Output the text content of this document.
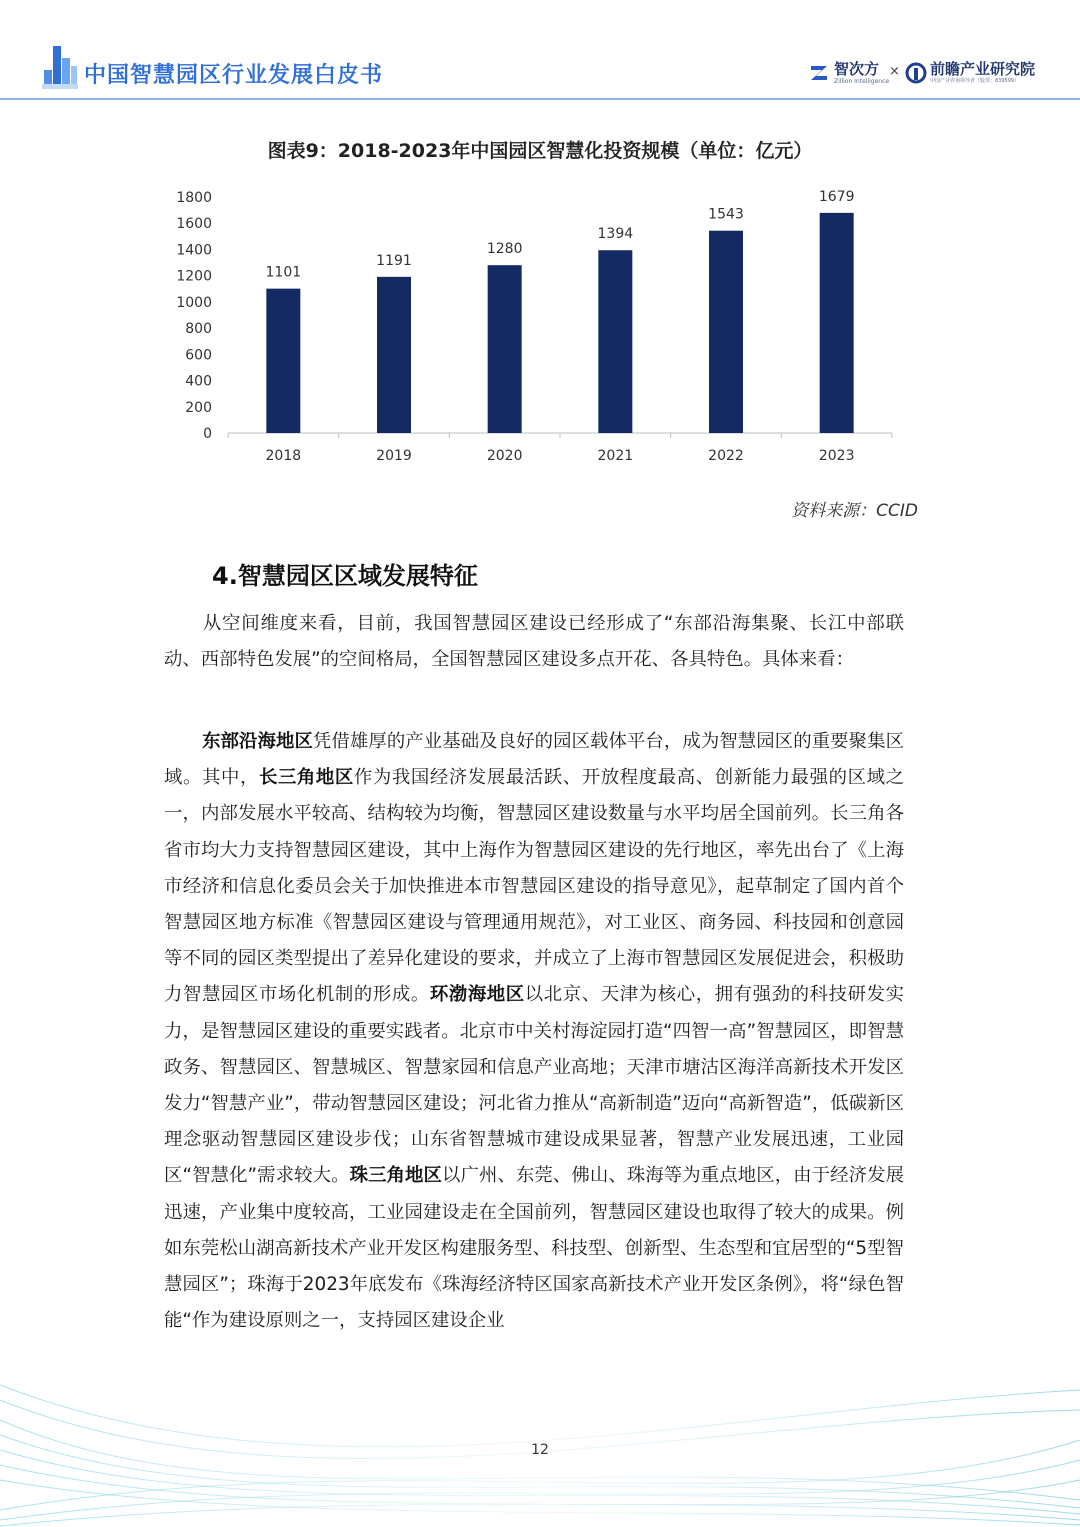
中国智慧园区行业发展白皮书	智次方
Zillion Intelligence
× 前瞻产业研究院
中国产业咨询领导者（股票：839599）
图表9：2018-2023年中国园区智慧化投资规模（单位：亿元）
0
200
400
600
800
1000
1200
1400
1600
1800
1101
2018
1191
2019
1280
2020
1394
2021
1543
2022
1679
2023
资料来源：CCID
4.智慧园区区域发展特征
从空间维度来看，目前，我国智慧园区建设已经形成了“东部沿海集聚、长江中部联动、西部特色发展”的空间格局，全国智慧园区建设多点开花、各具特色。具体来看：
东部沿海地区凭借雄厚的产业基础及良好的园区载体平台，成为智慧园区的重要聚集区域。其中，长三角地区作为我国经济发展最活跃、开放程度最高、创新能力最强的区域之一，内部发展水平较高、结构较为均衡，智慧园区建设数量与水平均居全国前列。长三角各省市均大力支持智慧园区建设，其中上海作为智慧园区建设的先行地区，率先出台了《上海市经济和信息化委员会关于加快推进本市智慧园区建设的指导意见》，起草制定了国内首个智慧园区地方标准《智慧园区建设与管理通用规范》，对工业区、商务园、科技园和创意园等不同的园区类型提出了差异化建设的要求，并成立了上海市智慧园区发展促进会，积极助力智慧园区市场化机制的形成。环渤海地区以北京、天津为核心，拥有强劲的科技研发实力，是智慧园区建设的重要实践者。北京市中关村海淀园打造“四智一高”智慧园区，即智慧政务、智慧园区、智慧城区、智慧家园和信息产业高地；天津市塘沽区海洋高新技术开发区发力“智慧产业”，带动智慧园区建设；河北省力推从“高新制造”迈向“高新智造”，低碳新区理念驱动智慧园区建设步伐；山东省智慧城市建设成果显著，智慧产业发展迅速，工业园区“智慧化”需求较大。珠三角地区以广州、东莞、佛山、珠海等为重点地区，由于经济发展迅速，产业集中度较高，工业园建设走在全国前列，智慧园区建设也取得了较大的成果。例如东莞松山湖高新技术产业开发区构建服务型、科技型、创新型、生态型和宜居型的“5型智慧园区”；珠海于2023年底发布《珠海经济特区国家高新技术产业开发区条例》，将“绿色智能“作为建设原则之一，支持园区建设企业
12
